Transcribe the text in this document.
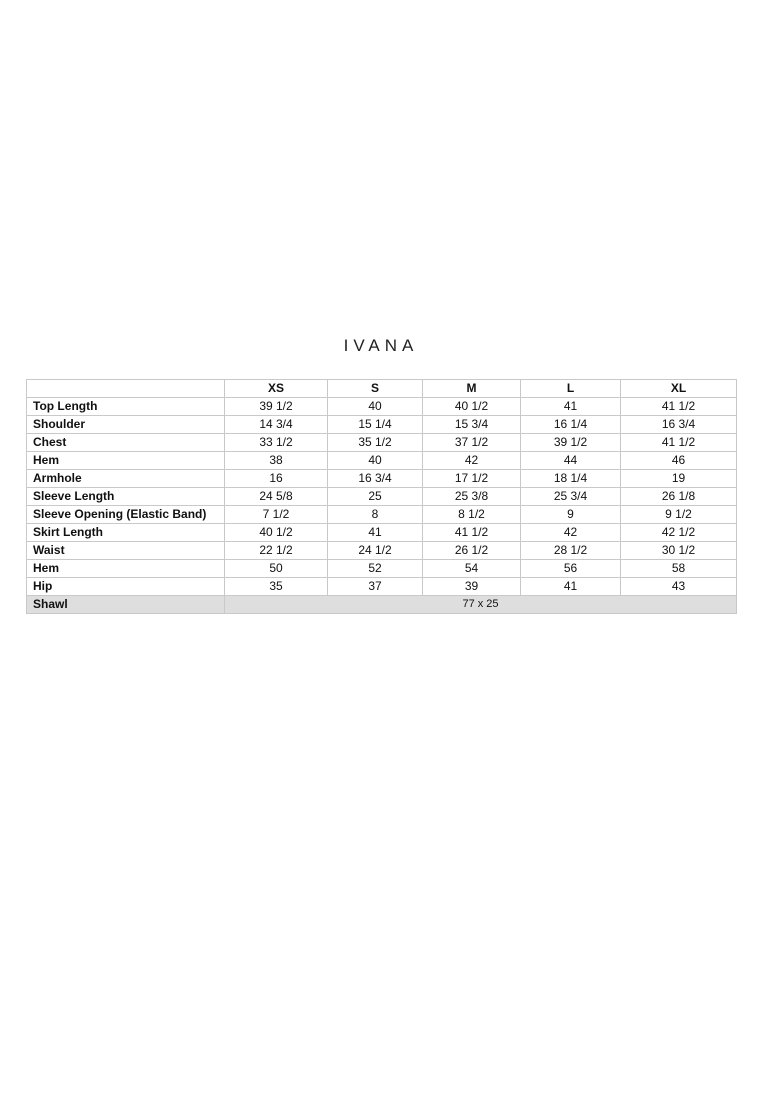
IVANA
	XS	S	M	L	XL
Top Length	39 1/2	40	40 1/2	41	41 1/2
Shoulder	14 3/4	15 1/4	15 3/4	16 1/4	16 3/4
Chest	33 1/2	35 1/2	37 1/2	39 1/2	41 1/2
Hem	38	40	42	44	46
Armhole	16	16 3/4	17 1/2	18 1/4	19
Sleeve Length	24 5/8	25	25 3/8	25 3/4	26 1/8
Sleeve Opening (Elastic Band)	7 1/2	8	8 1/2	9	9 1/2
Skirt Length	40 1/2	41	41 1/2	42	42 1/2
Waist	22 1/2	24 1/2	26 1/2	28 1/2	30 1/2
Hem	50	52	54	56	58
Hip	35	37	39	41	43
Shawl	77 x 25				
